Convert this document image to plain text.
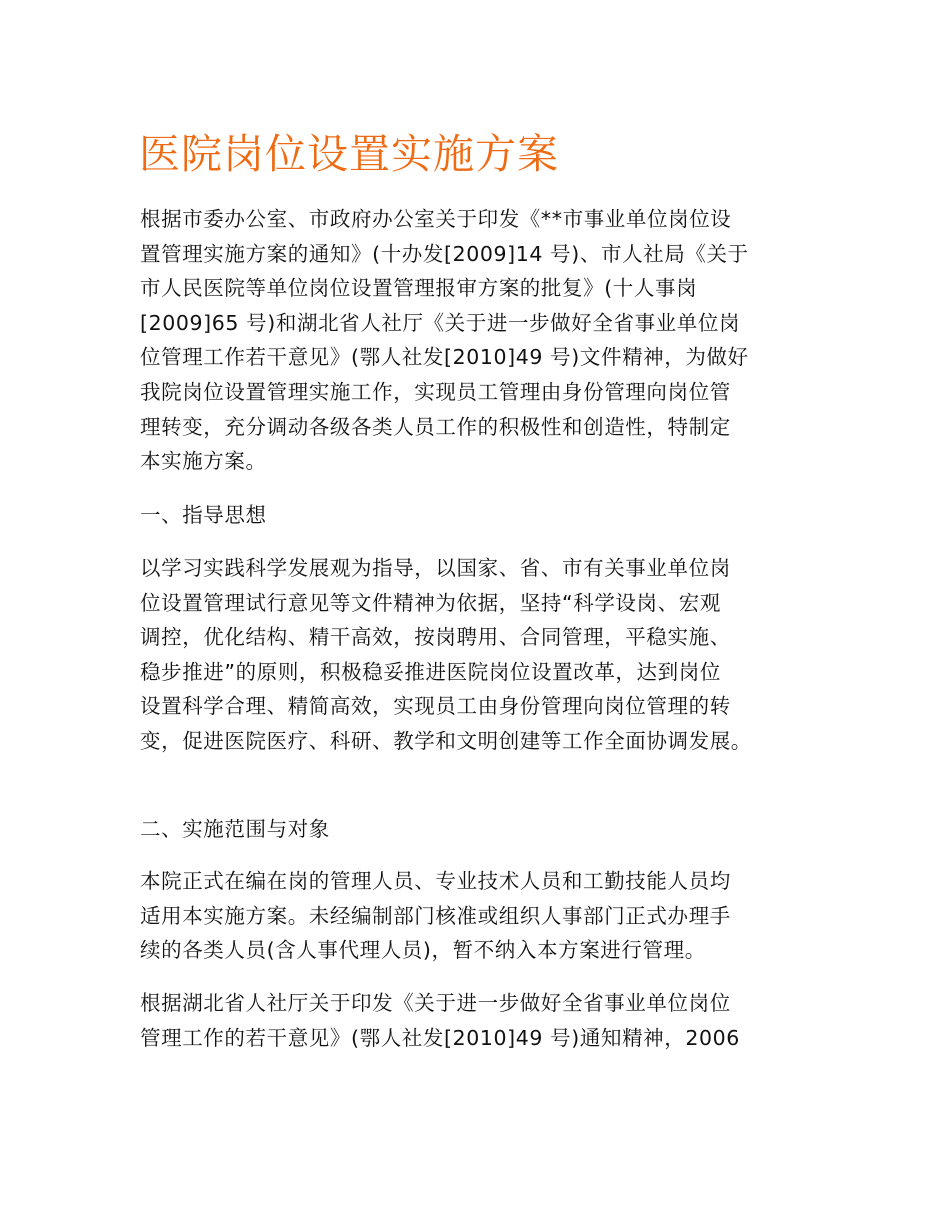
医院岗位设置实施方案

根据市委办公室、市政府办公室关于印发《**市事业单位岗位设
置管理实施方案的通知》(十办发[2009]14 号)、市人社局《关于
市人民医院等单位岗位设置管理报审方案的批复》(十人事岗
[2009]65 号)和湖北省人社厅《关于进一步做好全省事业单位岗
位管理工作若干意见》(鄂人社发[2010]49 号)文件精神，为做好
我院岗位设置管理实施工作，实现员工管理由身份管理向岗位管
理转变，充分调动各级各类人员工作的积极性和创造性，特制定
本实施方案。

一、指导思想

以学习实践科学发展观为指导，以国家、省、市有关事业单位岗
位设置管理试行意见等文件精神为依据，坚持“科学设岗、宏观
调控，优化结构、精干高效，按岗聘用、合同管理，平稳实施、
稳步推进”的原则，积极稳妥推进医院岗位设置改革，达到岗位
设置科学合理、精简高效，实现员工由身份管理向岗位管理的转
变，促进医院医疗、科研、教学和文明创建等工作全面协调发展。

二、实施范围与对象

本院正式在编在岗的管理人员、专业技术人员和工勤技能人员均
适用本实施方案。未经编制部门核准或组织人事部门正式办理手
续的各类人员(含人事代理人员)，暂不纳入本方案进行管理。

根据湖北省人社厅关于印发《关于进一步做好全省事业单位岗位
管理工作的若干意见》(鄂人社发[2010]49 号)通知精神，2006
